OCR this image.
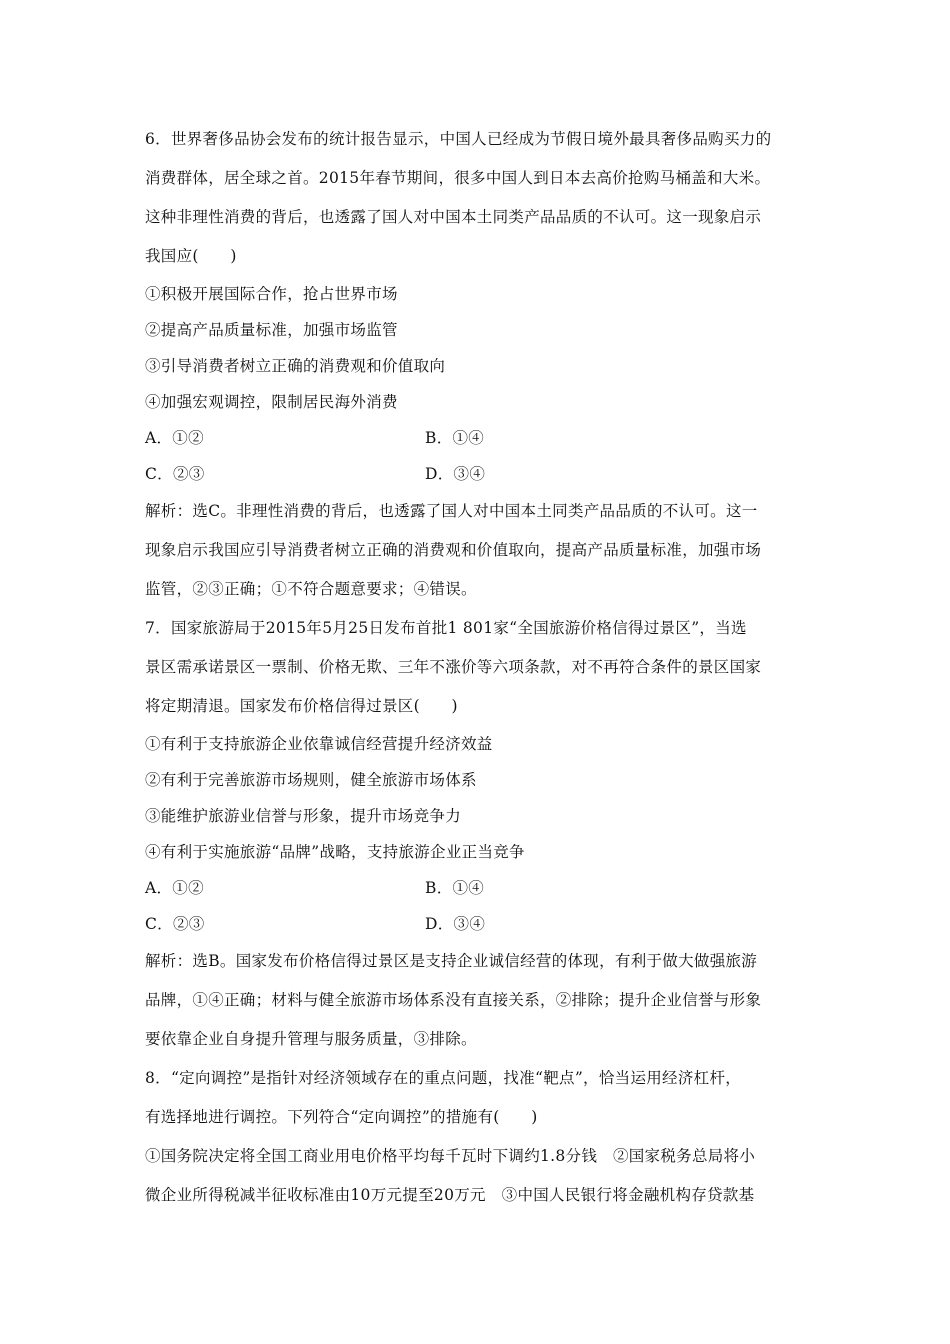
6．世界奢侈品协会发布的统计报告显示，中国人已经成为节假日境外最具奢侈品购买力的
消费群体，居全球之首。2015年春节期间，很多中国人到日本去高价抢购马桶盖和大米。
这种非理性消费的背后，也透露了国人对中国本土同类产品品质的不认可。这一现象启示
我国应(　　)
①积极开展国际合作，抢占世界市场
②提高产品质量标准，加强市场监管
③引导消费者树立正确的消费观和价值取向
④加强宏观调控，限制居民海外消费
A．①②	B．①④
C．②③	D．③④
解析：选C。非理性消费的背后，也透露了国人对中国本土同类产品品质的不认可。这一
现象启示我国应引导消费者树立正确的消费观和价值取向，提高产品质量标准，加强市场
监管，②③正确；①不符合题意要求；④错误。
7．国家旅游局于2015年5月25日发布首批1 801家“全国旅游价格信得过景区”，当选
景区需承诺景区一票制、价格无欺、三年不涨价等六项条款，对不再符合条件的景区国家
将定期清退。国家发布价格信得过景区(　　)
①有利于支持旅游企业依靠诚信经营提升经济效益
②有利于完善旅游市场规则，健全旅游市场体系
③能维护旅游业信誉与形象，提升市场竞争力
④有利于实施旅游“品牌”战略，支持旅游企业正当竞争
A．①②	B．①④
C．②③	D．③④
解析：选B。国家发布价格信得过景区是支持企业诚信经营的体现，有利于做大做强旅游
品牌，①④正确；材料与健全旅游市场体系没有直接关系，②排除；提升企业信誉与形象
要依靠企业自身提升管理与服务质量，③排除。
8．“定向调控”是指针对经济领域存在的重点问题，找准“靶点”，恰当运用经济杠杆，
有选择地进行调控。下列符合“定向调控”的措施有(　　)
①国务院决定将全国工商业用电价格平均每千瓦时下调约1.8分钱　②国家税务总局将小
微企业所得税减半征收标准由10万元提至20万元　③中国人民银行将金融机构存贷款基
